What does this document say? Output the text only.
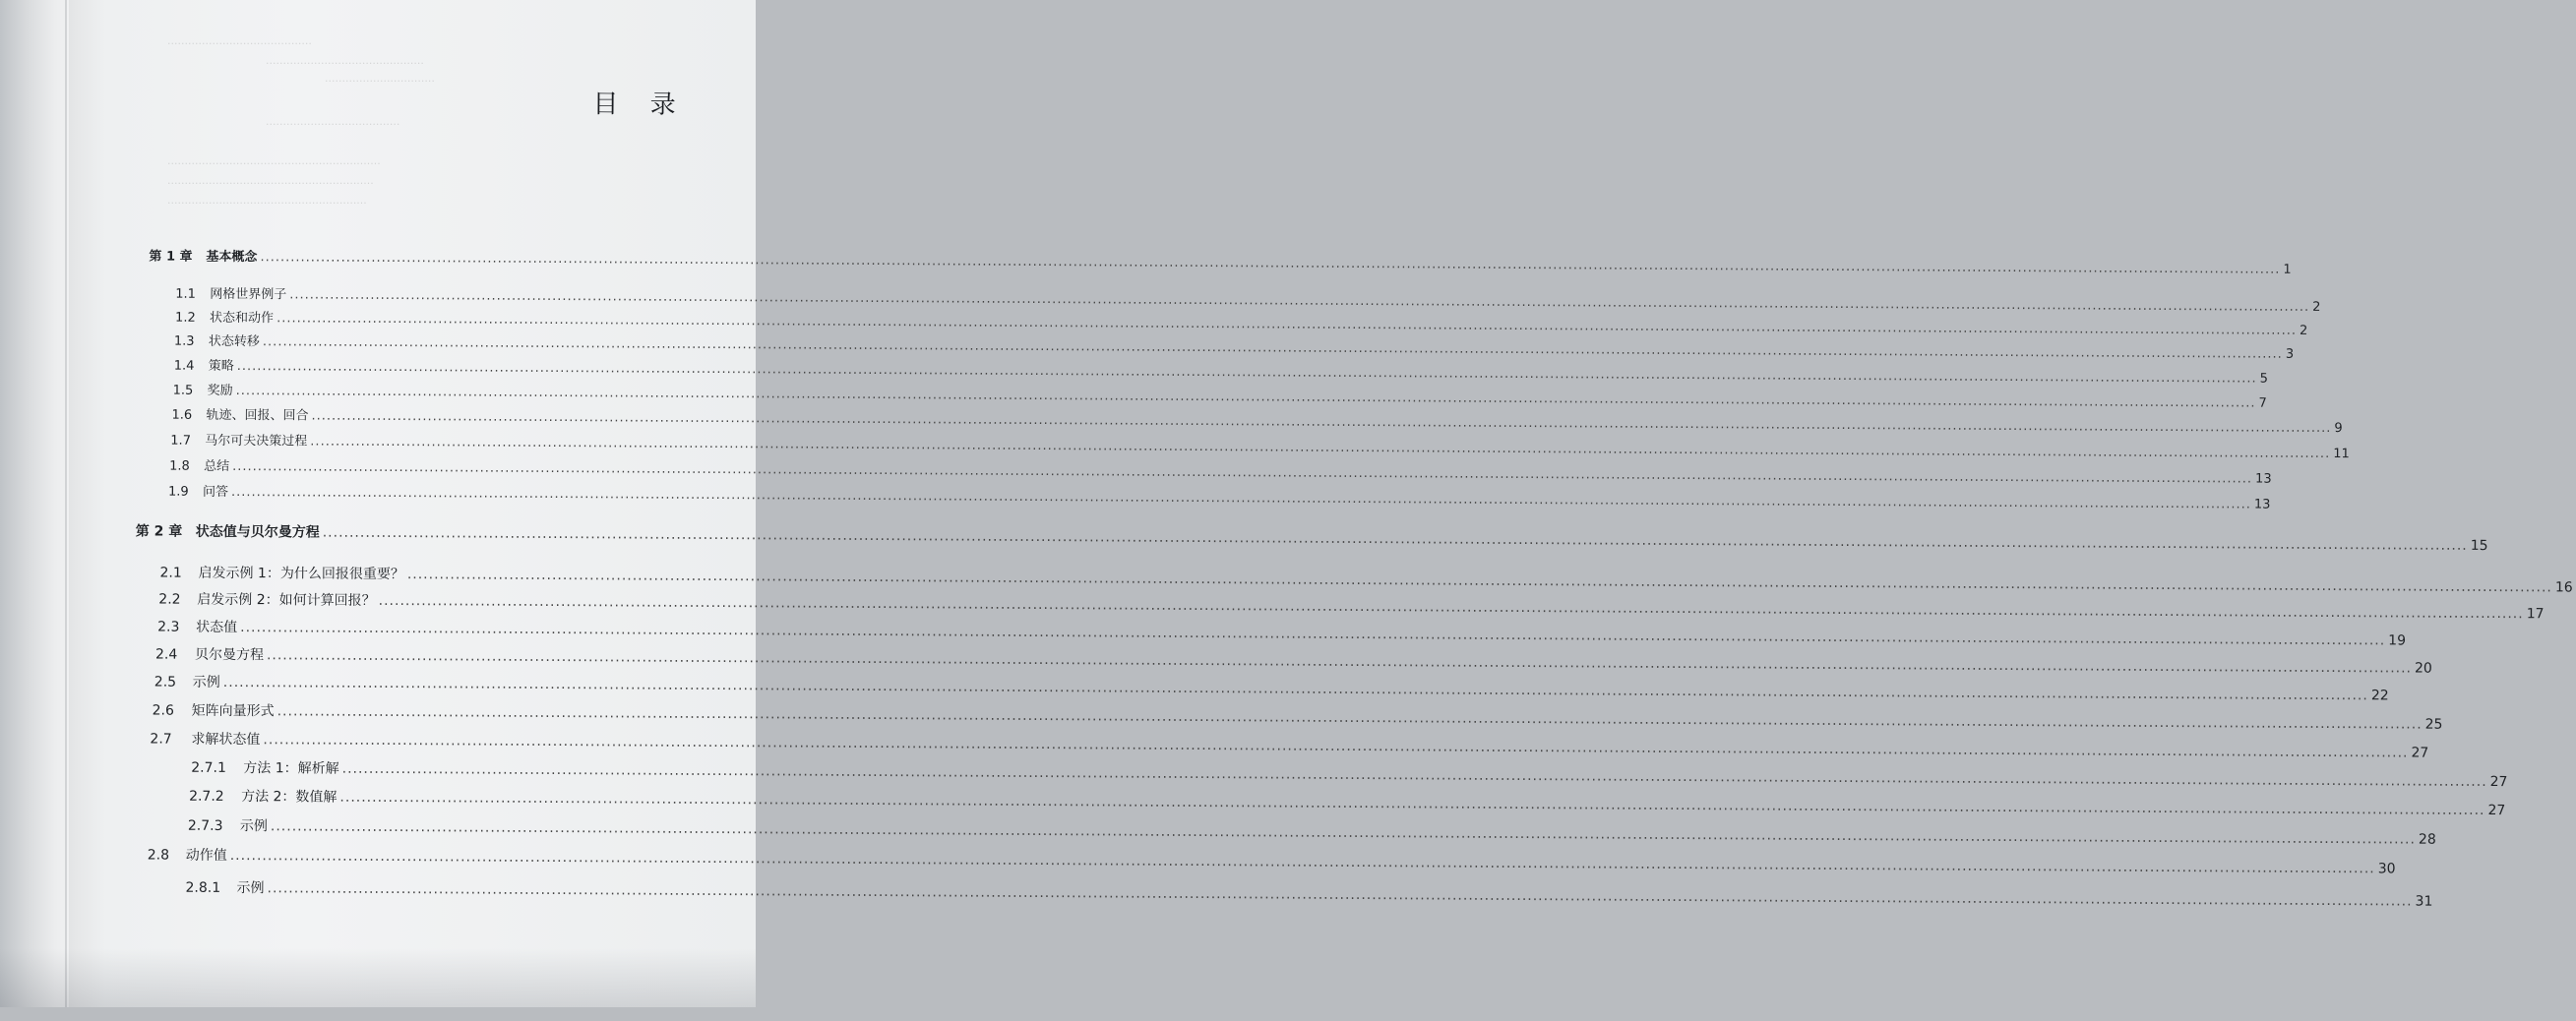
··········································
··············································
································
·······································
······························································
····························································
··························································
目 录
第 1 章	基本概念 ................................................................................................................................................................................................................................................................................................................................................................................................................ 1
1.1	网格世界例子 ................................................................................................................................................................................................................................................................................................................................................................................................................ 2
1.2	状态和动作 ................................................................................................................................................................................................................................................................................................................................................................................................................ 2
1.3	状态转移 ................................................................................................................................................................................................................................................................................................................................................................................................................ 3
1.4	策略 ................................................................................................................................................................................................................................................................................................................................................................................................................ 5
1.5	奖励 ................................................................................................................................................................................................................................................................................................................................................................................................................ 7
1.6	轨迹、回报、回合 ................................................................................................................................................................................................................................................................................................................................................................................................................ 9
1.7	马尔可夫决策过程 ................................................................................................................................................................................................................................................................................................................................................................................................................ 11
1.8	总结 ................................................................................................................................................................................................................................................................................................................................................................................................................ 13
1.9	问答 ................................................................................................................................................................................................................................................................................................................................................................................................................ 13
第 2 章 状态值与贝尔曼方程 ................................................................................................................................................................................................................................................................................................................................................................................................................ 15
2.1	启发示例 1：为什么回报很重要？ ................................................................................................................................................................................................................................................................................................................................................................................................................ 16
2.2	启发示例 2：如何计算回报？ ................................................................................................................................................................................................................................................................................................................................................................................................................ 17
2.3	状态值 ................................................................................................................................................................................................................................................................................................................................................................................................................ 19
2.4	贝尔曼方程 ................................................................................................................................................................................................................................................................................................................................................................................................................ 20
2.5	示例 ................................................................................................................................................................................................................................................................................................................................................................................................................ 22
2.6	矩阵向量形式 ................................................................................................................................................................................................................................................................................................................................................................................................................ 25
2.7	求解状态值 ................................................................................................................................................................................................................................................................................................................................................................................................................ 27
2.7.1	方法 1：解析解 ................................................................................................................................................................................................................................................................................................................................................................................................................ 27
2.7.2	方法 2：数值解 ................................................................................................................................................................................................................................................................................................................................................................................................................ 27
2.7.3	示例 ................................................................................................................................................................................................................................................................................................................................................................................................................ 28
2.8	动作值 ................................................................................................................................................................................................................................................................................................................................................................................................................ 30
2.8.1	示例 ................................................................................................................................................................................................................................................................................................................................................................................................................ 31
